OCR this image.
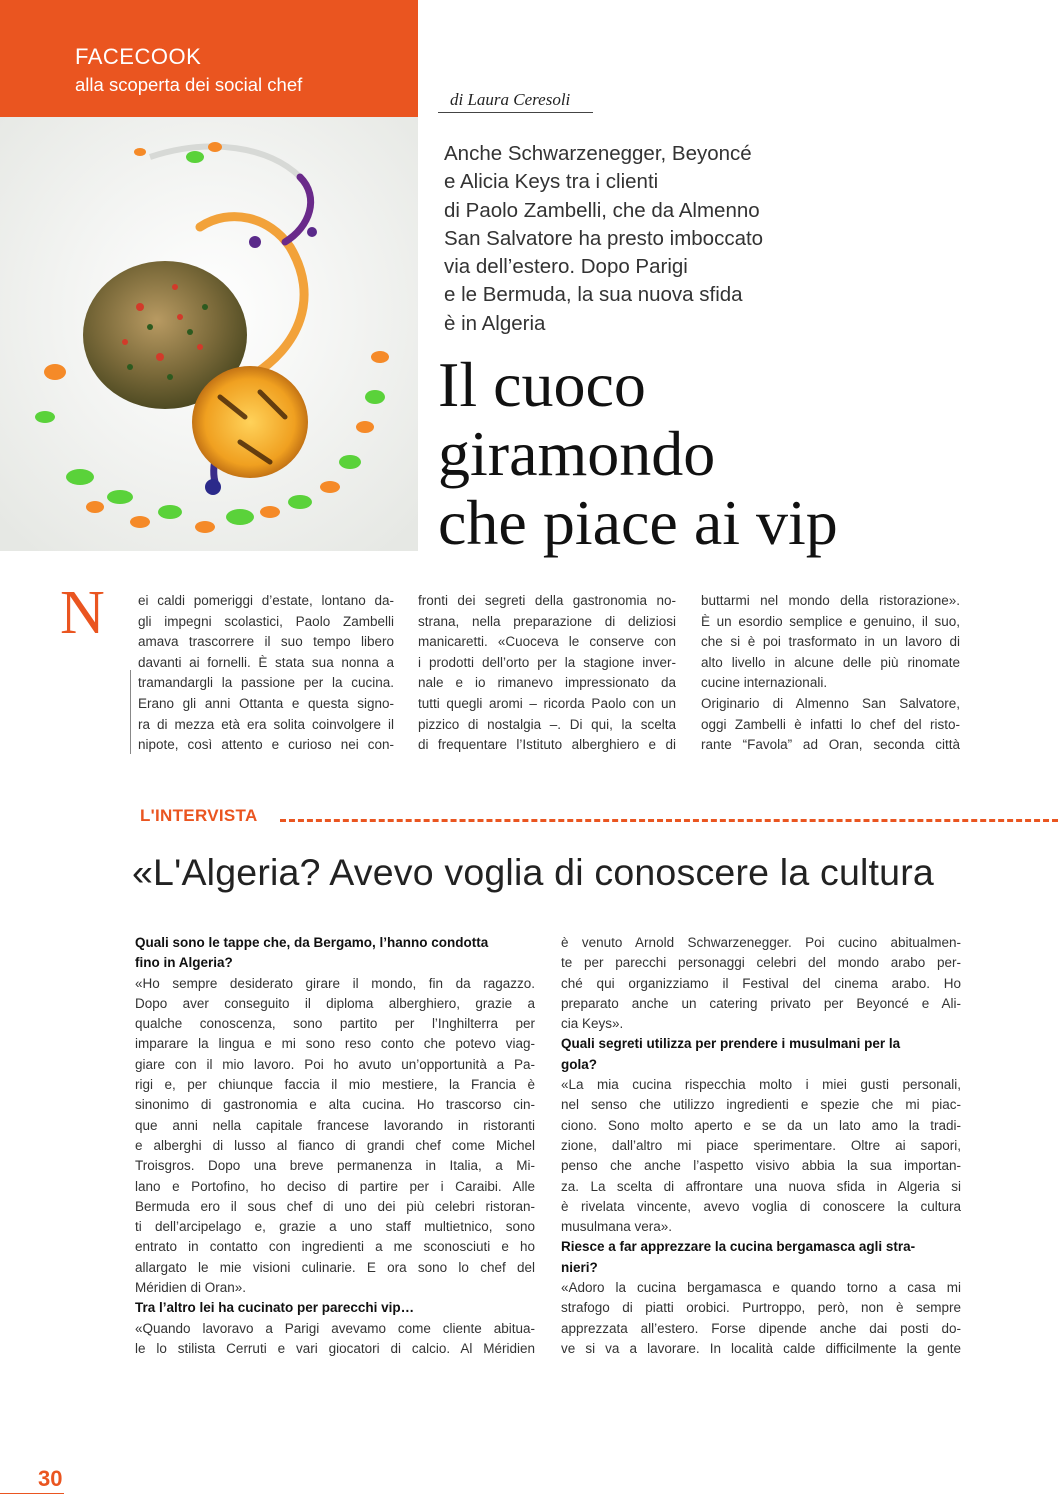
FACECOOK
alla scoperta dei social chef
di Laura Ceresoli
Anche Schwarzenegger, Beyoncé
e Alicia Keys tra i clienti
di Paolo Zambelli, che da Almenno
San Salvatore ha presto imboccato
via dell’estero. Dopo Parigi
e le Bermuda, la sua nuova sfida
è in Algeria
Il cuoco
giramondo
che piace ai vip
N ei caldi pomeriggi d’estate, lontano da-
gli impegni scolastici, Paolo Zambelli
amava trascorrere il suo tempo libero
davanti ai fornelli. È stata sua nonna a
tramandargli la passione per la cucina.
Erano gli anni Ottanta e questa signo-
ra di mezza età era solita coinvolgere il
nipote, così attento e curioso nei con-
fronti dei segreti della gastronomia no-
strana, nella preparazione di deliziosi
manicaretti. «Cuoceva le conserve con
i prodotti dell’orto per la stagione inver-
nale e io rimanevo impressionato da
tutti quegli aromi – ricorda Paolo con un
pizzico di nostalgia –. Di qui, la scelta
di frequentare l’Istituto alberghiero e di
buttarmi nel mondo della ristorazione».
È un esordio semplice e genuino, il suo,
che si è poi trasformato in un lavoro di
alto livello in alcune delle più rinomate
cucine internazionali.
Originario di Almenno San Salvatore,
oggi Zambelli è infatti lo chef del risto-
rante “Favola” ad Oran, seconda città
L'INTERVISTA
«L'Algeria? Avevo voglia di conoscere la cultura
Quali sono le tappe che, da Bergamo, l’hanno condotta
fino in Algeria?
«Ho sempre desiderato girare il mondo, fin da ragazzo.
Dopo aver conseguito il diploma alberghiero, grazie a
qualche conoscenza, sono partito per l’Inghilterra per
imparare la lingua e mi sono reso conto che potevo viag-
giare con il mio lavoro. Poi ho avuto un’opportunità a Pa-
rigi e, per chiunque faccia il mio mestiere, la Francia è
sinonimo di gastronomia e alta cucina. Ho trascorso cin-
que anni nella capitale francese lavorando in ristoranti
e alberghi di lusso al fianco di grandi chef come Michel
Troisgros. Dopo una breve permanenza in Italia, a Mi-
lano e Portofino, ho deciso di partire per i Caraibi. Alle
Bermuda ero il sous chef di uno dei più celebri ristoran-
ti dell’arcipelago e, grazie a uno staff multietnico, sono
entrato in contatto con ingredienti a me sconosciuti e ho
allargato le mie visioni culinarie. E ora sono lo chef del
Méridien di Oran».
Tra l’altro lei ha cucinato per parecchi vip…
«Quando lavoravo a Parigi avevamo come cliente abitua-
le lo stilista Cerruti e vari giocatori di calcio. Al Méridien
è venuto Arnold Schwarzenegger. Poi cucino abitualmen-
te per parecchi personaggi celebri del mondo arabo per-
ché qui organizziamo il Festival del cinema arabo. Ho
preparato anche un catering privato per Beyoncé e Ali-
cia Keys».
Quali segreti utilizza per prendere i musulmani per la
gola?
«La mia cucina rispecchia molto i miei gusti personali,
nel senso che utilizzo ingredienti e spezie che mi piac-
ciono. Sono molto aperto e se da un lato amo la tradi-
zione, dall’altro mi piace sperimentare. Oltre ai sapori,
penso che anche l’aspetto visivo abbia la sua importan-
za. La scelta di affrontare una nuova sfida in Algeria si
è rivelata vincente, avevo voglia di conoscere la cultura
musulmana vera».
Riesce a far apprezzare la cucina bergamasca agli stra-
nieri?
«Adoro la cucina bergamasca e quando torno a casa mi
strafogo di piatti orobici. Purtroppo, però, non è sempre
apprezzata all’estero. Forse dipende anche dai posti do-
ve si va a lavorare. In località calde difficilmente la gente
30
